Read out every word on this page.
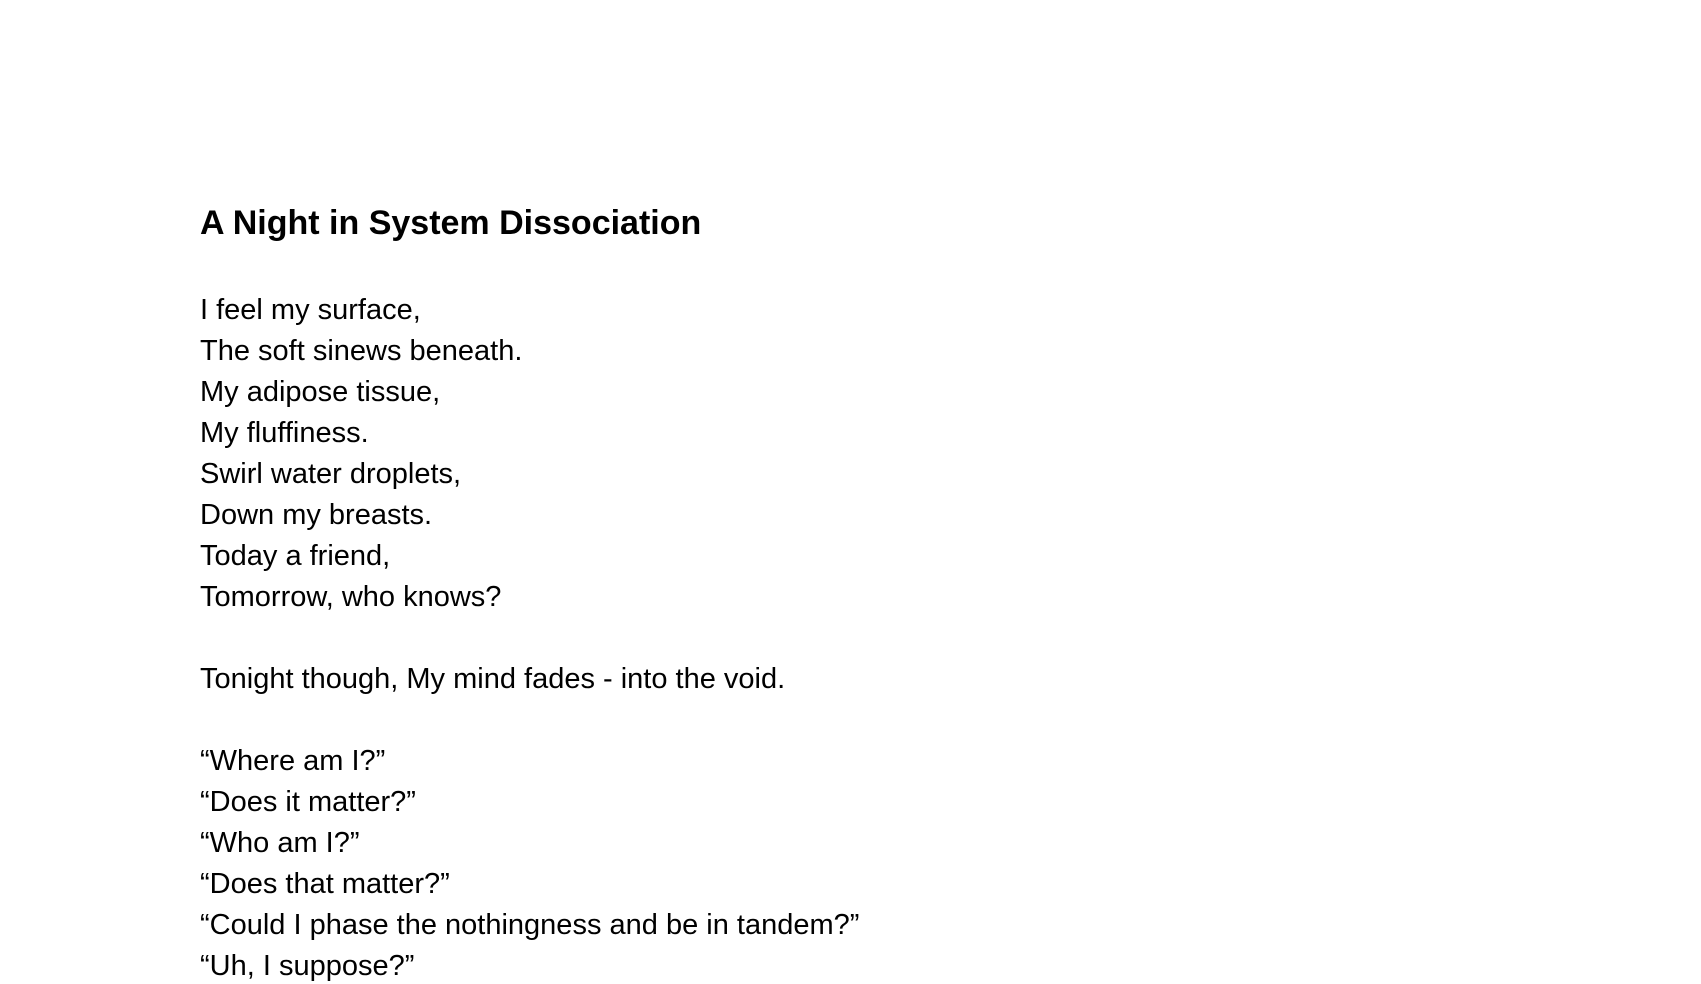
A Night in System Dissociation

I feel my surface,

The soft sinews beneath.

My adipose tissue,

My fluffiness.

Swirl water droplets,

Down my breasts.

Today a friend,

Tomorrow, who knows?

Tonight though, My mind fades - into the void.

“Where am I?”

“Does it matter?”

“Who am I?”

“Does that matter?”

“Could I phase the nothingness and be in tandem?”

“Uh, I suppose?”
